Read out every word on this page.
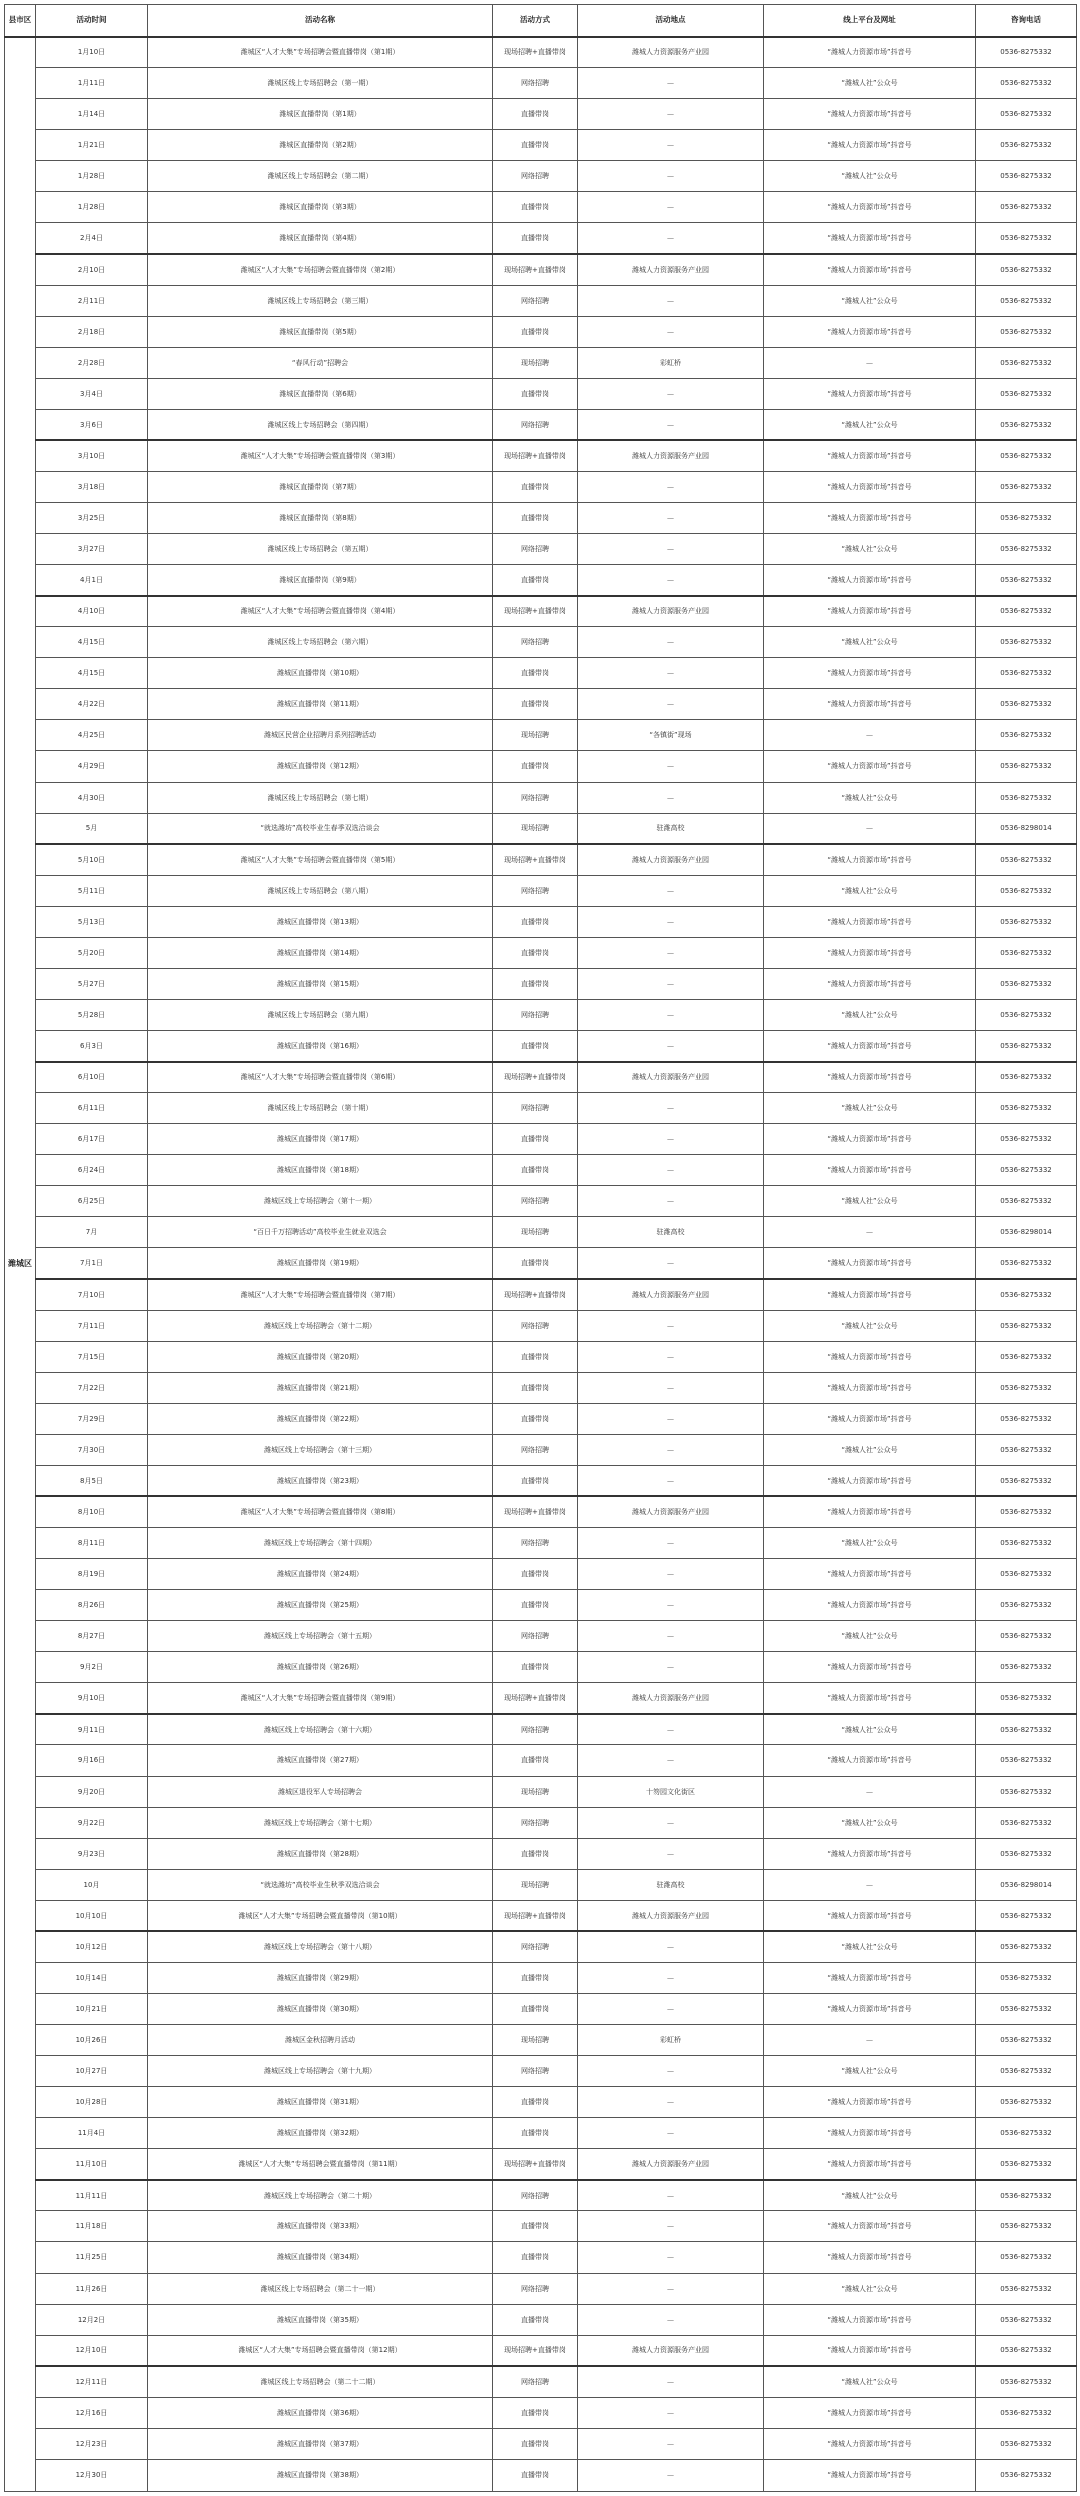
县市区	活动时间	活动名称	活动方式	活动地点	线上平台及网址	咨询电话
潍城区	1月10日	潍城区“人才大集”专场招聘会暨直播带岗（第1期）	现场招聘+直播带岗	潍城人力资源服务产业园	“潍城人力资源市场”抖音号	0536-8275332
	1月11日	潍城区线上专场招聘会（第一期）	网络招聘	—	“潍城人社”公众号	0536-8275332
	1月14日	潍城区直播带岗（第1期）	直播带岗	—	“潍城人力资源市场”抖音号	0536-8275332
	1月21日	潍城区直播带岗（第2期）	直播带岗	—	“潍城人力资源市场”抖音号	0536-8275332
	1月28日	潍城区线上专场招聘会（第二期）	网络招聘	—	“潍城人社”公众号	0536-8275332
	1月28日	潍城区直播带岗（第3期）	直播带岗	—	“潍城人力资源市场”抖音号	0536-8275332
	2月4日	潍城区直播带岗（第4期）	直播带岗	—	“潍城人力资源市场”抖音号	0536-8275332
	2月10日	潍城区“人才大集”专场招聘会暨直播带岗（第2期）	现场招聘+直播带岗	潍城人力资源服务产业园	“潍城人力资源市场”抖音号	0536-8275332
	2月11日	潍城区线上专场招聘会（第三期）	网络招聘	—	“潍城人社”公众号	0536-8275332
	2月18日	潍城区直播带岗（第5期）	直播带岗	—	“潍城人力资源市场”抖音号	0536-8275332
	2月28日	“春风行动”招聘会	现场招聘	彩虹桥	—	0536-8275332
	3月4日	潍城区直播带岗（第6期）	直播带岗	—	“潍城人力资源市场”抖音号	0536-8275332
	3月6日	潍城区线上专场招聘会（第四期）	网络招聘	—	“潍城人社”公众号	0536-8275332
	3月10日	潍城区“人才大集”专场招聘会暨直播带岗（第3期）	现场招聘+直播带岗	潍城人力资源服务产业园	“潍城人力资源市场”抖音号	0536-8275332
	3月18日	潍城区直播带岗（第7期）	直播带岗	—	“潍城人力资源市场”抖音号	0536-8275332
	3月25日	潍城区直播带岗（第8期）	直播带岗	—	“潍城人力资源市场”抖音号	0536-8275332
	3月27日	潍城区线上专场招聘会（第五期）	网络招聘	—	“潍城人社”公众号	0536-8275332
	4月1日	潍城区直播带岗（第9期）	直播带岗	—	“潍城人力资源市场”抖音号	0536-8275332
	4月10日	潍城区“人才大集”专场招聘会暨直播带岗（第4期）	现场招聘+直播带岗	潍城人力资源服务产业园	“潍城人力资源市场”抖音号	0536-8275332
	4月15日	潍城区线上专场招聘会（第六期）	网络招聘	—	“潍城人社”公众号	0536-8275332
	4月15日	潍城区直播带岗（第10期）	直播带岗	—	“潍城人力资源市场”抖音号	0536-8275332
	4月22日	潍城区直播带岗（第11期）	直播带岗	—	“潍城人力资源市场”抖音号	0536-8275332
	4月25日	潍城区民营企业招聘月系列招聘活动	现场招聘	“各镇街”现场	—	0536-8275332
	4月29日	潍城区直播带岗（第12期）	直播带岗	—	“潍城人力资源市场”抖音号	0536-8275332
	4月30日	潍城区线上专场招聘会（第七期）	网络招聘	—	“潍城人社”公众号	0536-8275332
	5月	“就选潍坊”高校毕业生春季双选洽谈会	现场招聘	驻潍高校	—	0536-8298014
	5月10日	潍城区“人才大集”专场招聘会暨直播带岗（第5期）	现场招聘+直播带岗	潍城人力资源服务产业园	“潍城人力资源市场”抖音号	0536-8275332
	5月11日	潍城区线上专场招聘会（第八期）	网络招聘	—	“潍城人社”公众号	0536-8275332
	5月13日	潍城区直播带岗（第13期）	直播带岗	—	“潍城人力资源市场”抖音号	0536-8275332
	5月20日	潍城区直播带岗（第14期）	直播带岗	—	“潍城人力资源市场”抖音号	0536-8275332
	5月27日	潍城区直播带岗（第15期）	直播带岗	—	“潍城人力资源市场”抖音号	0536-8275332
	5月28日	潍城区线上专场招聘会（第九期）	网络招聘	—	“潍城人社”公众号	0536-8275332
	6月3日	潍城区直播带岗（第16期）	直播带岗	—	“潍城人力资源市场”抖音号	0536-8275332
	6月10日	潍城区“人才大集”专场招聘会暨直播带岗（第6期）	现场招聘+直播带岗	潍城人力资源服务产业园	“潍城人力资源市场”抖音号	0536-8275332
	6月11日	潍城区线上专场招聘会（第十期）	网络招聘	—	“潍城人社”公众号	0536-8275332
	6月17日	潍城区直播带岗（第17期）	直播带岗	—	“潍城人力资源市场”抖音号	0536-8275332
	6月24日	潍城区直播带岗（第18期）	直播带岗	—	“潍城人力资源市场”抖音号	0536-8275332
	6月25日	潍城区线上专场招聘会（第十一期）	网络招聘	—	“潍城人社”公众号	0536-8275332
	7月	“百日千万招聘活动”高校毕业生就业双选会	现场招聘	驻潍高校	—	0536-8298014
	7月1日	潍城区直播带岗（第19期）	直播带岗	—	“潍城人力资源市场”抖音号	0536-8275332
	7月10日	潍城区“人才大集”专场招聘会暨直播带岗（第7期）	现场招聘+直播带岗	潍城人力资源服务产业园	“潍城人力资源市场”抖音号	0536-8275332
	7月11日	潍城区线上专场招聘会（第十二期）	网络招聘	—	“潍城人社”公众号	0536-8275332
	7月15日	潍城区直播带岗（第20期）	直播带岗	—	“潍城人力资源市场”抖音号	0536-8275332
	7月22日	潍城区直播带岗（第21期）	直播带岗	—	“潍城人力资源市场”抖音号	0536-8275332
	7月29日	潍城区直播带岗（第22期）	直播带岗	—	“潍城人力资源市场”抖音号	0536-8275332
	7月30日	潍城区线上专场招聘会（第十三期）	网络招聘	—	“潍城人社”公众号	0536-8275332
	8月5日	潍城区直播带岗（第23期）	直播带岗	—	“潍城人力资源市场”抖音号	0536-8275332
	8月10日	潍城区“人才大集”专场招聘会暨直播带岗（第8期）	现场招聘+直播带岗	潍城人力资源服务产业园	“潍城人力资源市场”抖音号	0536-8275332
	8月11日	潍城区线上专场招聘会（第十四期）	网络招聘	—	“潍城人社”公众号	0536-8275332
	8月19日	潍城区直播带岗（第24期）	直播带岗	—	“潍城人力资源市场”抖音号	0536-8275332
	8月26日	潍城区直播带岗（第25期）	直播带岗	—	“潍城人力资源市场”抖音号	0536-8275332
	8月27日	潍城区线上专场招聘会（第十五期）	网络招聘	—	“潍城人社”公众号	0536-8275332
	9月2日	潍城区直播带岗（第26期）	直播带岗	—	“潍城人力资源市场”抖音号	0536-8275332
	9月10日	潍城区“人才大集”专场招聘会暨直播带岗（第9期）	现场招聘+直播带岗	潍城人力资源服务产业园	“潍城人力资源市场”抖音号	0536-8275332
	9月11日	潍城区线上专场招聘会（第十六期）	网络招聘	—	“潍城人社”公众号	0536-8275332
	9月16日	潍城区直播带岗（第27期）	直播带岗	—	“潍城人力资源市场”抖音号	0536-8275332
	9月20日	潍城区退役军人专场招聘会	现场招聘	十笏园文化街区	—	0536-8275332
	9月22日	潍城区线上专场招聘会（第十七期）	网络招聘	—	“潍城人社”公众号	0536-8275332
	9月23日	潍城区直播带岗（第28期）	直播带岗	—	“潍城人力资源市场”抖音号	0536-8275332
	10月	“就选潍坊”高校毕业生秋季双选洽谈会	现场招聘	驻潍高校	—	0536-8298014
	10月10日	潍城区“人才大集”专场招聘会暨直播带岗（第10期）	现场招聘+直播带岗	潍城人力资源服务产业园	“潍城人力资源市场”抖音号	0536-8275332
	10月12日	潍城区线上专场招聘会（第十八期）	网络招聘	—	“潍城人社”公众号	0536-8275332
	10月14日	潍城区直播带岗（第29期）	直播带岗	—	“潍城人力资源市场”抖音号	0536-8275332
	10月21日	潍城区直播带岗（第30期）	直播带岗	—	“潍城人力资源市场”抖音号	0536-8275332
	10月26日	潍城区金秋招聘月活动	现场招聘	彩虹桥	—	0536-8275332
	10月27日	潍城区线上专场招聘会（第十九期）	网络招聘	—	“潍城人社”公众号	0536-8275332
	10月28日	潍城区直播带岗（第31期）	直播带岗	—	“潍城人力资源市场”抖音号	0536-8275332
	11月4日	潍城区直播带岗（第32期）	直播带岗	—	“潍城人力资源市场”抖音号	0536-8275332
	11月10日	潍城区“人才大集”专场招聘会暨直播带岗（第11期）	现场招聘+直播带岗	潍城人力资源服务产业园	“潍城人力资源市场”抖音号	0536-8275332
	11月11日	潍城区线上专场招聘会（第二十期）	网络招聘	—	“潍城人社”公众号	0536-8275332
	11月18日	潍城区直播带岗（第33期）	直播带岗	—	“潍城人力资源市场”抖音号	0536-8275332
	11月25日	潍城区直播带岗（第34期）	直播带岗	—	“潍城人力资源市场”抖音号	0536-8275332
	11月26日	潍城区线上专场招聘会（第二十一期）	网络招聘	—	“潍城人社”公众号	0536-8275332
	12月2日	潍城区直播带岗（第35期）	直播带岗	—	“潍城人力资源市场”抖音号	0536-8275332
	12月10日	潍城区“人才大集”专场招聘会暨直播带岗（第12期）	现场招聘+直播带岗	潍城人力资源服务产业园	“潍城人力资源市场”抖音号	0536-8275332
	12月11日	潍城区线上专场招聘会（第二十二期）	网络招聘	—	“潍城人社”公众号	0536-8275332
	12月16日	潍城区直播带岗（第36期）	直播带岗	—	“潍城人力资源市场”抖音号	0536-8275332
	12月23日	潍城区直播带岗（第37期）	直播带岗	—	“潍城人力资源市场”抖音号	0536-8275332
	12月30日	潍城区直播带岗（第38期）	直播带岗	—	“潍城人力资源市场”抖音号	0536-8275332
